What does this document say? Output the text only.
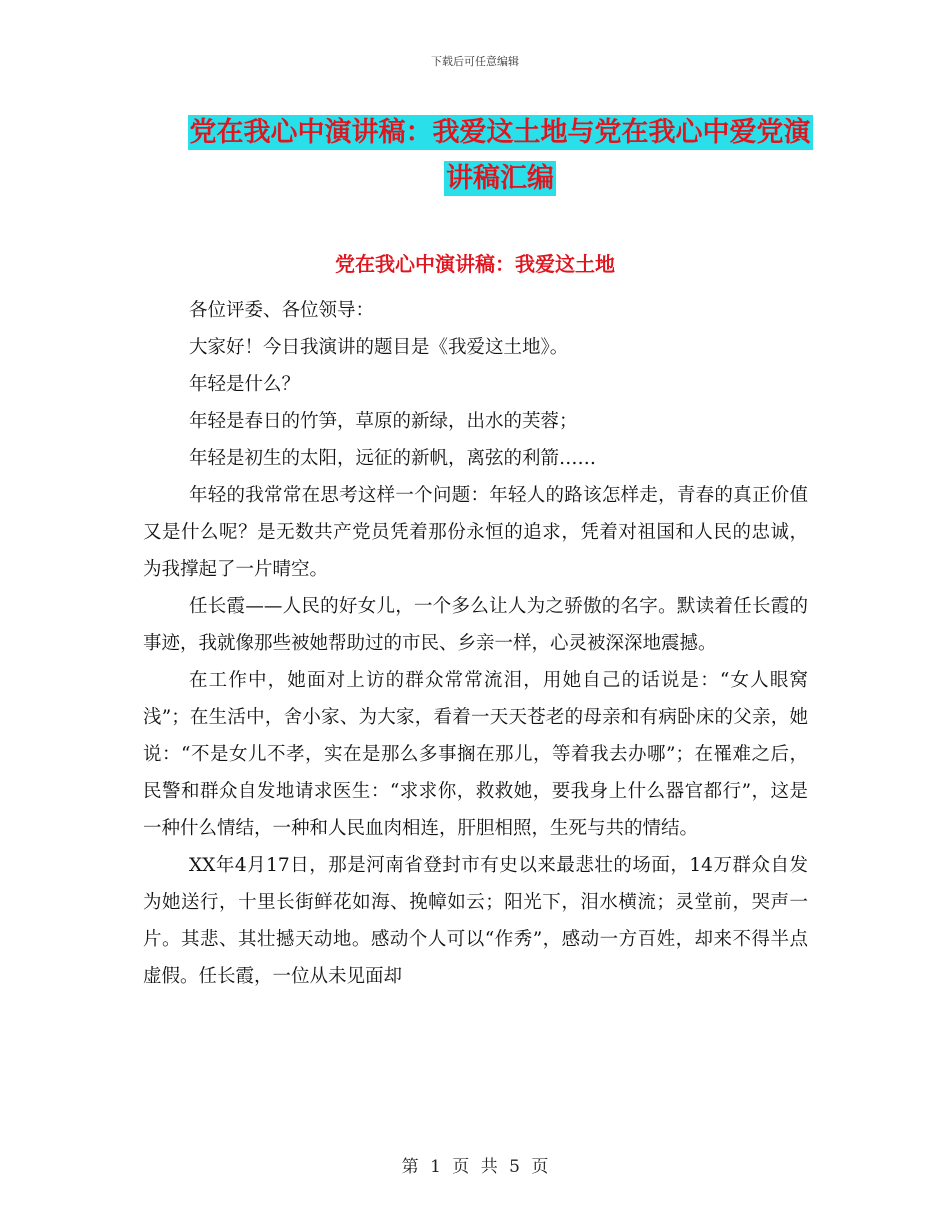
下载后可任意编辑
党在我心中演讲稿：我爱这土地与党在我心中爱党演
讲稿汇编
党在我心中演讲稿：我爱这土地

各位评委、各位领导：

大家好！今日我演讲的题目是《我爱这土地》。

年轻是什么？

年轻是春日的竹笋，草原的新绿，出水的芙蓉；

年轻是初生的太阳，远征的新帆，离弦的利箭……

年轻的我常常在思考这样一个问题：年轻人的路该怎样走，青春的真正价值又是什么呢？是无数共产党员凭着那份永恒的追求，凭着对祖国和人民的忠诚，为我撑起了一片晴空。

任长霞——人民的好女儿，一个多么让人为之骄傲的名字。默读着任长霞的事迹，我就像那些被她帮助过的市民、乡亲一样，心灵被深深地震撼。

在工作中，她面对上访的群众常常流泪，用她自己的话说是：“女人眼窝浅”；在生活中，舍小家、为大家，看着一天天苍老的母亲和有病卧床的父亲，她说：“不是女儿不孝，实在是那么多事搁在那儿，等着我去办哪”；在罹难之后，民警和群众自发地请求医生：“求求你，救救她，要我身上什么器官都行”，这是一种什么情结，一种和人民血肉相连，肝胆相照，生死与共的情结。

XX年4月17日，那是河南省登封市有史以来最悲壮的场面，14万群众自发为她送行，十里长街鲜花如海、挽幛如云；阳光下，泪水横流；灵堂前，哭声一片。其悲、其壮撼天动地。感动个人可以“作秀”，感动一方百姓，却来不得半点虚假。任长霞，一位从未见面却

第 1 页 共 5 页
